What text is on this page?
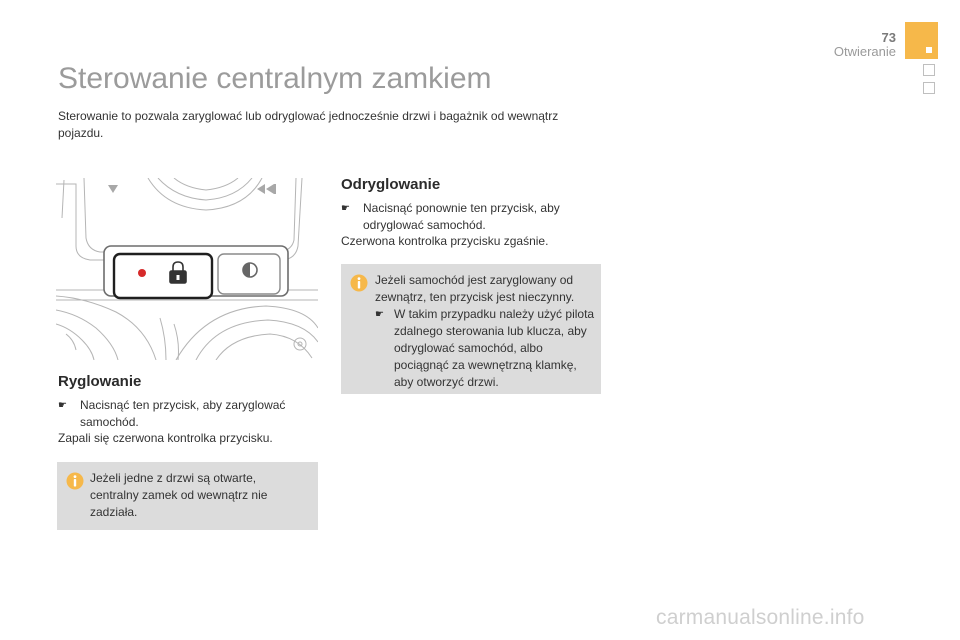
73
Otwieranie
Sterowanie centralnym zamkiem
Sterowanie to pozwala zaryglować lub odryglować jednocześnie drzwi i bagażnik od wewnątrz pojazdu.
Ryglowanie
☛	Nacisnąć ten przycisk, aby zaryglować samochód.
Zapali się czerwona kontrolka przycisku.
Jeżeli jedne z drzwi są otwarte, centralny zamek od wewnątrz nie zadziała.
Odryglowanie
☛	Nacisnąć ponownie ten przycisk, aby odryglować samochód.
Czerwona kontrolka przycisku zgaśnie.
Jeżeli samochód jest zaryglowany od zewnątrz, ten przycisk jest nieczynny.
☛ W takim przypadku należy użyć pilota zdalnego sterowania lub klucza, aby odryglować samochód, albo pociągnąć za wewnętrzną klamkę, aby otworzyć drzwi.
carmanualsonline.info
